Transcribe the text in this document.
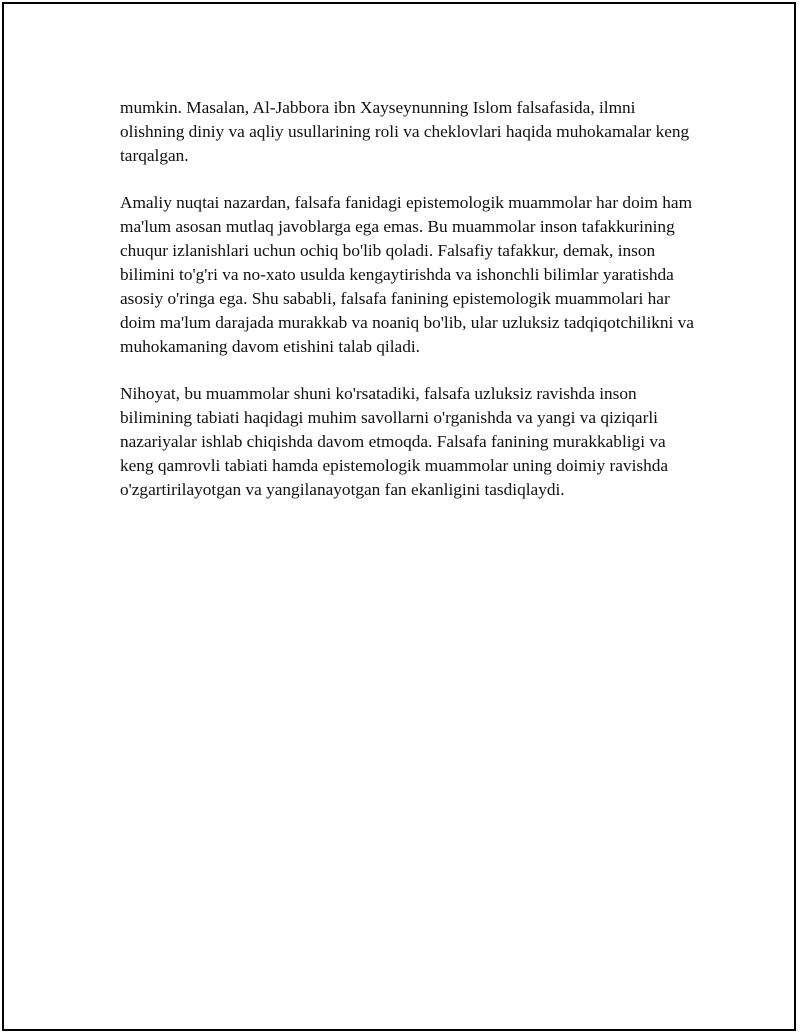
mumkin. Masalan, Al-Jabbora ibn Xayseynunning Islom falsafasida, ilmni olishning diniy va aqliy usullarining roli va cheklovlari haqida muhokamalar keng tarqalgan.

Amaliy nuqtai nazardan, falsafa fanidagi epistemologik muammolar har doim ham ma'lum asosan mutlaq javoblarga ega emas. Bu muammolar inson tafakkurining chuqur izlanishlari uchun ochiq bo'lib qoladi. Falsafiy tafakkur, demak, inson bilimini to'g'ri va no-xato usulda kengaytirishda va ishonchli bilimlar yaratishda asosiy o'ringa ega. Shu sababli, falsafa fanining epistemologik muammolari har doim ma'lum darajada murakkab va noaniq bo'lib, ular uzluksiz tadqiqotchilikni va muhokamaning davom etishini talab qiladi.

Nihoyat, bu muammolar shuni ko'rsatadiki, falsafa uzluksiz ravishda inson bilimining tabiati haqidagi muhim savollarni o'rganishda va yangi va qiziqarli nazariyalar ishlab chiqishda davom etmoqda. Falsafa fanining murakkabligi va keng qamrovli tabiati hamda epistemologik muammolar uning doimiy ravishda o'zgartirilayotgan va yangilanayotgan fan ekanligini tasdiqlaydi.
